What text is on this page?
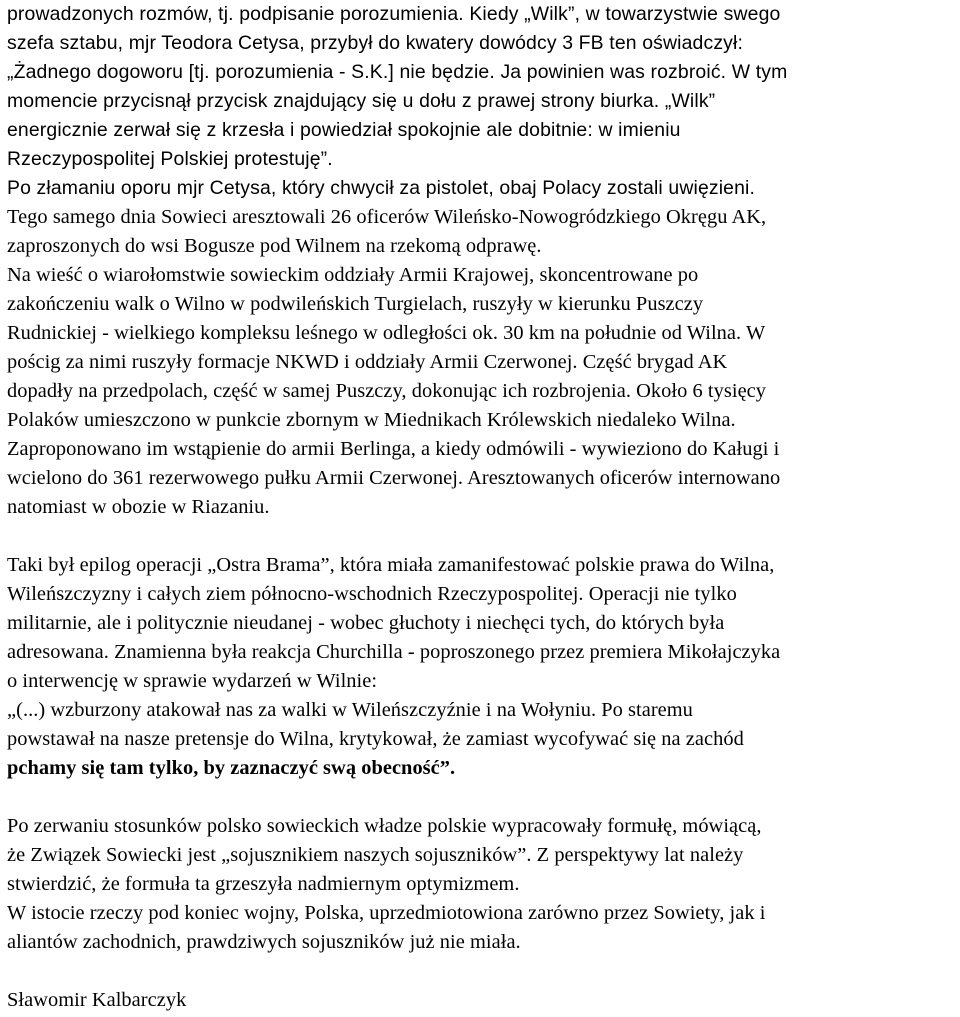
prowadzonych rozmów, tj. podpisanie porozumienia. Kiedy „Wilk”, w towarzystwie swego
szefa sztabu, mjr Teodora Cetysa, przybył do kwatery dowódcy 3 FB ten oświadczył:
„Żadnego dogoworu [tj. porozumienia - S.K.] nie będzie. Ja powinien was rozbroić. W tym
momencie przycisnął przycisk znajdujący się u dołu z prawej strony biurka. „Wilk”
energicznie zerwał się z krzesła i powiedział spokojnie ale dobitnie: w imieniu
Rzeczypospolitej Polskiej protestuję”.
Po złamaniu oporu mjr Cetysa, który chwycił za pistolet, obaj Polacy zostali uwięzieni.
Tego samego dnia Sowieci aresztowali 26 oficerów Wileńsko-Nowogródzkiego Okręgu AK,
zaproszonych do wsi Bogusze pod Wilnem na rzekomą odprawę.
Na wieść o wiarołomstwie sowieckim oddziały Armii Krajowej, skoncentrowane po
zakończeniu walk o Wilno w podwileńskich Turgielach, ruszyły w kierunku Puszczy
Rudnickiej - wielkiego kompleksu leśnego w odległości ok. 30 km na południe od Wilna. W
pościg za nimi ruszyły formacje NKWD i oddziały Armii Czerwonej. Część brygad AK
dopadły na przedpolach, część w samej Puszczy, dokonując ich rozbrojenia. Około 6 tysięcy
Polaków umieszczono w punkcie zbornym w Miednikach Królewskich niedaleko Wilna.
Zaproponowano im wstąpienie do armii Berlinga, a kiedy odmówili - wywieziono do Kaługi i
wcielono do 361 rezerwowego pułku Armii Czerwonej. Aresztowanych oficerów internowano
natomiast w obozie w Riazaniu.
Taki był epilog operacji „Ostra Brama”, która miała zamanifestować polskie prawa do Wilna,
Wileńszczyzny i całych ziem północno-wschodnich Rzeczypospolitej. Operacji nie tylko
militarnie, ale i politycznie nieudanej - wobec głuchoty i niechęci tych, do których była
adresowana. Znamienna była reakcja Churchilla - poproszonego przez premiera Mikołajczyka
o interwencję w sprawie wydarzeń w Wilnie:
„(...) wzburzony atakował nas za walki w Wileńszczyźnie i na Wołyniu. Po staremu
powstawał na nasze pretensje do Wilna, krytykował, że zamiast wycofywać się na zachód
pchamy się tam tylko, by zaznaczyć swą obecność”.
Po zerwaniu stosunków polsko sowieckich władze polskie wypracowały formułę, mówiącą,
że Związek Sowiecki jest „sojusznikiem naszych sojuszników”. Z perspektywy lat należy
stwierdzić, że formuła ta grzeszyła nadmiernym optymizmem.
W istocie rzeczy pod koniec wojny, Polska, uprzedmiotowiona zarówno przez Sowiety, jak i
aliantów zachodnich, prawdziwych sojuszników już nie miała.
Sławomir Kalbarczyk
